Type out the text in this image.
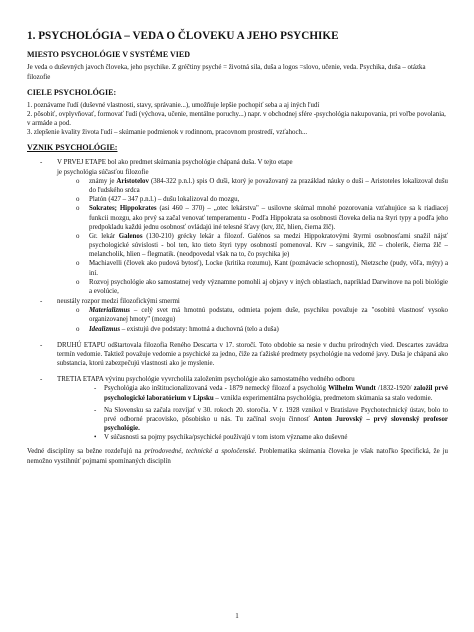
1. PSYCHOLÓGIA – VEDA O ČLOVEKU A JEHO PSYCHIKE
MIESTO PSYCHOLÓGIE V SYSTÉME VIED

Je veda o duševných javoch človeka, jeho psychike. Z gréčtiny psyché = životná sila, duša a logos =slovo, učenie, veda. Psychika, duša – otázka filozofie

CIELE PSYCHOLÓGIE:

1. poznávame ľudí (duševné vlastnosti, stavy, správanie...), umožňuje lepšie pochopiť seba a aj iných ľudí

2. pôsobiť, ovplyvňovať, formovať ľudí (výchova, učenie, mentálne poruchy...) napr. v obchodnej sfére -psychológia nakupovania, pri voľbe povolania, v armáde a pod.

3. zlepšenie kvality života ľudí – skúmanie podmienok v rodinnom, pracovnom prostredí, vzťahoch...

VZNIK PSYCHOLÓGIE:
- V PRVEJ ETAPE bol ako predmet skúmania psychológie chápaná duša. V tejto etape

je psychológia súčasťou filozofie

o známy je Aristotelov (384-322 p.n.l.) spis O duši, ktorý je považovaný za prazáklad náuky o duši – Aristoteles lokalizoval dušu do ľudského srdca
o Platón (427 – 347 p.n.l.) – dušu lokalizoval do mozgu,
o Sokrates; Hippokrates (asi 460 – 370) – „otec lekárstva" – usilovne skúmal mnohé pozorovania vzťahujúce sa k riadiacej funkcii mozgu, ako prvý sa začal venovať temperamentu - Podľa Hippokrata sa osobnosti človeka delia na štyri typy a podľa jeho predpokladu každú jednu osobnosť ovládajú iné telesné šťavy (krv, žlč, hlien, čierna žlč).
o Gr. lekár Galenos (130-210) grécky lekár a filozof. Galénos sa medzi Hippokratovými štyrmi osobnosťami snažil nájsť psychologické súvislosti - bol ten, kto tieto štyri typy osobností pomenoval. Krv – sangvinik, žlč – cholerik, čierna žlč – melancholik, hlien – flegmatik. (neodpovedal však na to, čo psychika je)
o Machiavelli (človek ako pudová bytosť), Locke (kritika rozumu), Kant (poznávacie schopnosti), Nietzsche (pudy, vôľa, mýty) a iní.
o Rozvoj psychológie ako samostatnej vedy významne pomohli aj objavy v iných oblastiach, napríklad Darwinove na poli biológie a evolúcie,
- neustály rozpor medzi filozofickými smermi

o Materializmus – celý svet má hmotnú podstatu, odmieta pojem duše, psychiku považuje za "osobitú vlastnosť vysoko organizovanej hmoty" (mozgu)
o Idealizmus – existujú dve podstaty: hmotná a duchovná (telo a duša)
- DRUHÚ ETAPU odštartovala filozofia Reného Descarta v 17. storočí. Toto obdobie sa nesie v duchu prírodných vied. Descartes zavádza termín vedomie. Taktiež považuje vedomie a psychické za jedno, čiže za ťažiské predmety psychológie na vedomé javy. Duša je chápaná ako substancia, ktorú zabezpečujú vlastnosti ako je myslenie.

- TRETIA ETAPA vývinu psychológie vyvrcholila založením psychológie ako samostatného vedného odboru

- Psychológia ako inštitucionalizovaná veda - 1879 nemecký filozof a psychológ Wilhelm Wundt /1832-1920/ založil prvé psychologické laboratórium v Lipsku – vznikla experimentálna psychológia, predmetom skúmania sa stalo vedomie.
- Na Slovensku sa začala rozvíjať v 30. rokoch 20. storočia. V r. 1928 vznikol v Bratislave Psychotechnický ústav, bolo to prvé odborné pracovisko, pôsobisko u nás. Tu začínal svoju činnosť Anton Jurovský – prvý slovenský profesor psychológie.
• V súčasnosti sa pojmy psychika/psychické používajú v tom istom význame ako duševné

Vedné disciplíny sa bežne rozdeľujú na prírodovedné, technické a spoločenské. Problematika skúmania človeka je však natoľko špecifická, že ju nemožno vystihnúť pojmami spomínaných disciplín

1
